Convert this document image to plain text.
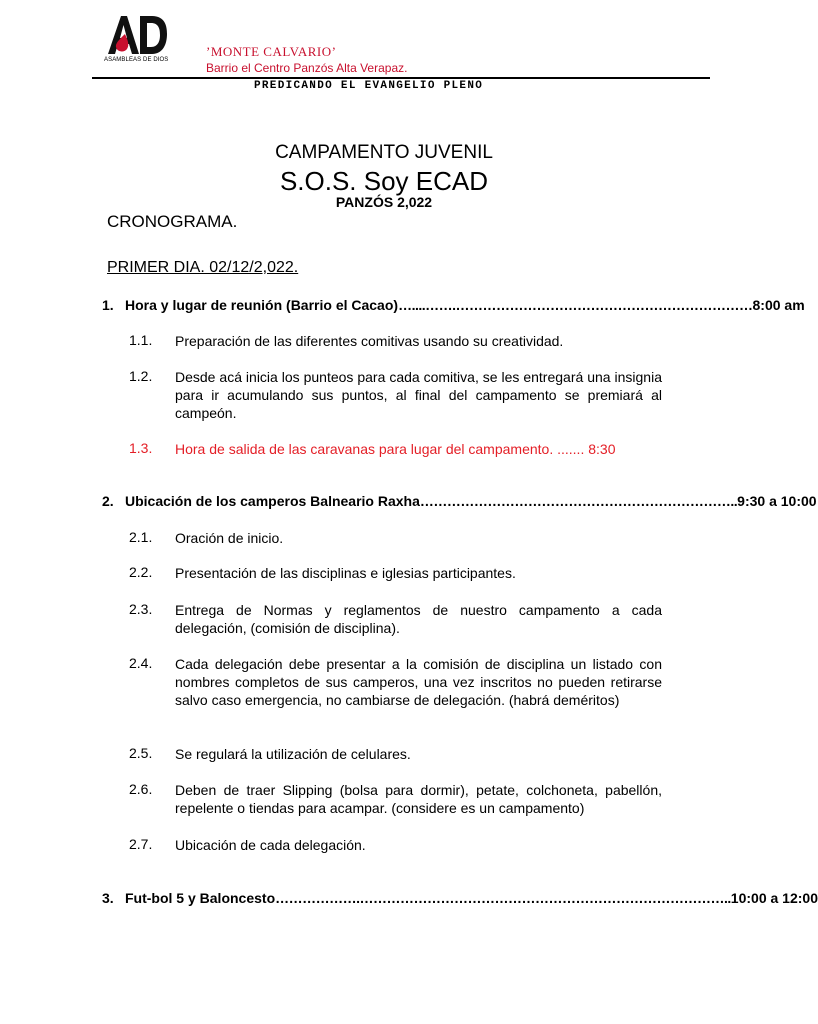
ASAMBLEAS DE DIOS
ʼMONTE CALVARIOʼ
Barrio el Centro Panzós Alta Verapaz.
PREDICANDO EL EVANGELIO PLENO
CAMPAMENTO JUVENIL
S.O.S. Soy ECAD
PANZÓS 2,022
CRONOGRAMA.
PRIMER DIA. 02/12/2,022.
1. Hora y lugar de reunión (Barrio el Cacao) …....…….………………………………………………………… 8:00 am
1.1. Preparación de las diferentes comitivas usando su creatividad.
1.2. Desde acá inicia los punteos para cada comitiva, se les entregará una insignia para ir acumulando sus puntos, al final del campamento se premiará al campeón.
1.3. Hora de salida de las caravanas para lugar del campamento. ....... 8:30
2. Ubicación de los camperos Balneario Raxha …………………………………………………………….. 9:30 a 10:00
2.1. Oración de inicio.
2.2. Presentación de las disciplinas e iglesias participantes.
2.3. Entrega de Normas y reglamentos de nuestro campamento a cada delegación, (comisión de disciplina).
2.4. Cada delegación debe presentar a la comisión de disciplina un listado con nombres completos de sus camperos, una vez inscritos no pueden retirarse salvo caso emergencia, no cambiarse de delegación. (habrá deméritos)
2.5. Se regulará la utilización de celulares.
2.6. Deben de traer Slipping (bolsa para dormir), petate, colchoneta, pabellón, repelente o tiendas para acampar. (considere es un campamento)
2.7. Ubicación de cada delegación.
3. Fut-bol 5 y Baloncesto ……………….……………………………………………………………………….. 10:00 a 12:00
